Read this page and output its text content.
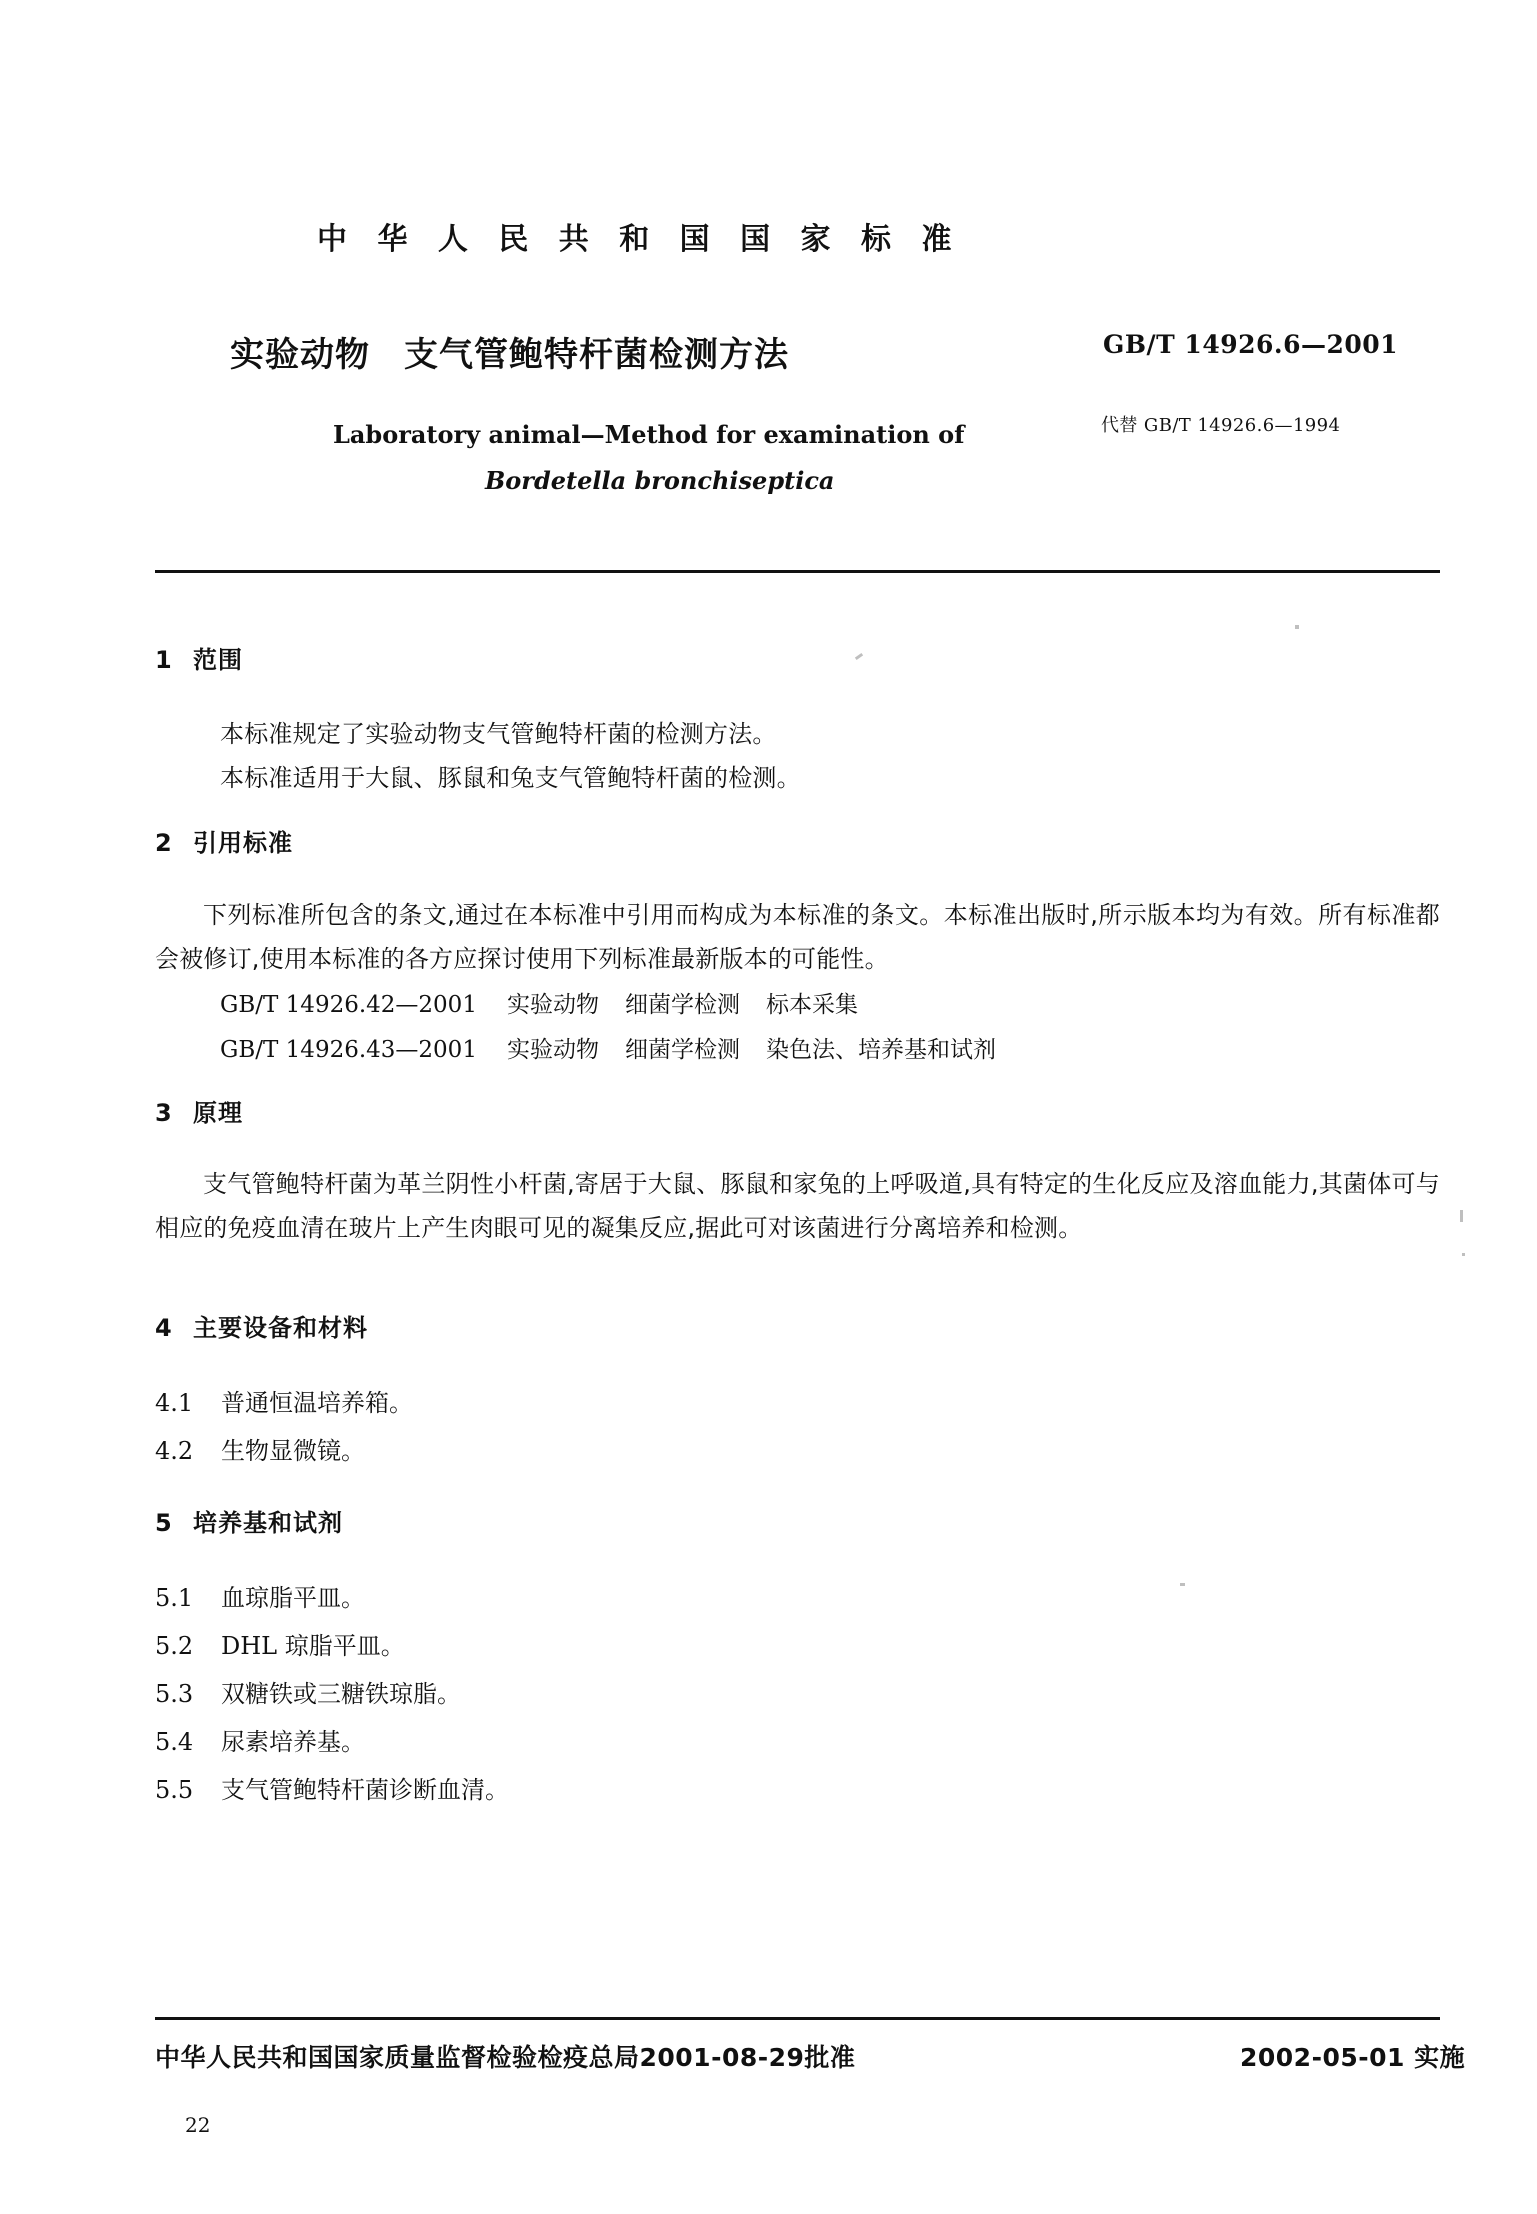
中 华 人 民 共 和 国 国 家 标 准
实验动物 支气管鲍特杆菌检测方法	GB/T 14926.6—2001
代替 GB/T 14926.6—1994
Laboratory animal—Method for examination of
Bordetella bronchiseptica
1 范围
本标准规定了实验动物支气管鲍特杆菌的检测方法。
本标准适用于大鼠、豚鼠和兔支气管鲍特杆菌的检测。
2 引用标准
下列标准所包含的条文,通过在本标准中引用而构成为本标准的条文。本标准出版时,所示版本均为有效。所有标准都会被修订,使用本标准的各方应探讨使用下列标准最新版本的可能性。
GB/T 14926.42—2001 实验动物 细菌学检测 标本采集
GB/T 14926.43—2001 实验动物 细菌学检测 染色法、培养基和试剂
3 原理
支气管鲍特杆菌为革兰阴性小杆菌,寄居于大鼠、豚鼠和家兔的上呼吸道,具有特定的生化反应及溶血能力,其菌体可与相应的免疫血清在玻片上产生肉眼可见的凝集反应,据此可对该菌进行分离培养和检测。
4 主要设备和材料
4.1 普通恒温培养箱。
4.2 生物显微镜。
5 培养基和试剂
5.1 血琼脂平皿。
5.2 DHL 琼脂平皿。
5.3 双糖铁或三糖铁琼脂。
5.4 尿素培养基。
5.5 支气管鲍特杆菌诊断血清。
中华人民共和国国家质量监督检验检疫总局2001-08-29批准	2002-05-01 实施
22
